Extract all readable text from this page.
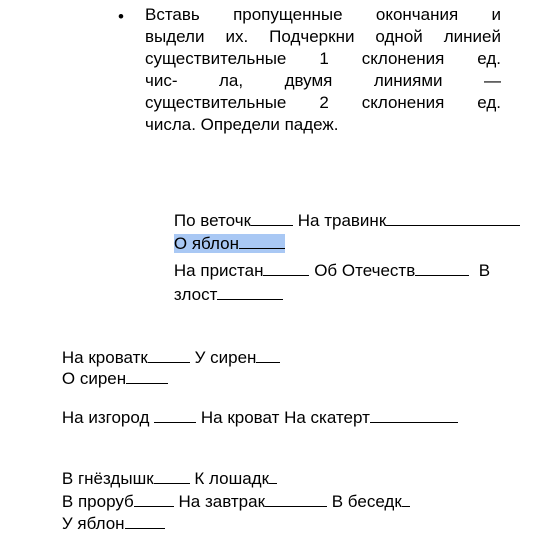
• Вставь пропущенные окончания и
выдели их. Подчеркни одной линией
существительные 1 склонения ед.
чис- ла, двумя линиями —
существительные 2 склонения ед.
числа. Определи падеж.

По веточк	На травинк

О яблон

На пристан	Об Отечеств	В

злост

На кроватк	У сирен

О сирен

На изгород	На кроват На скатерт

В гнёздышк К лошадк

В проруб	На завтрак	В беседк

У яблон
